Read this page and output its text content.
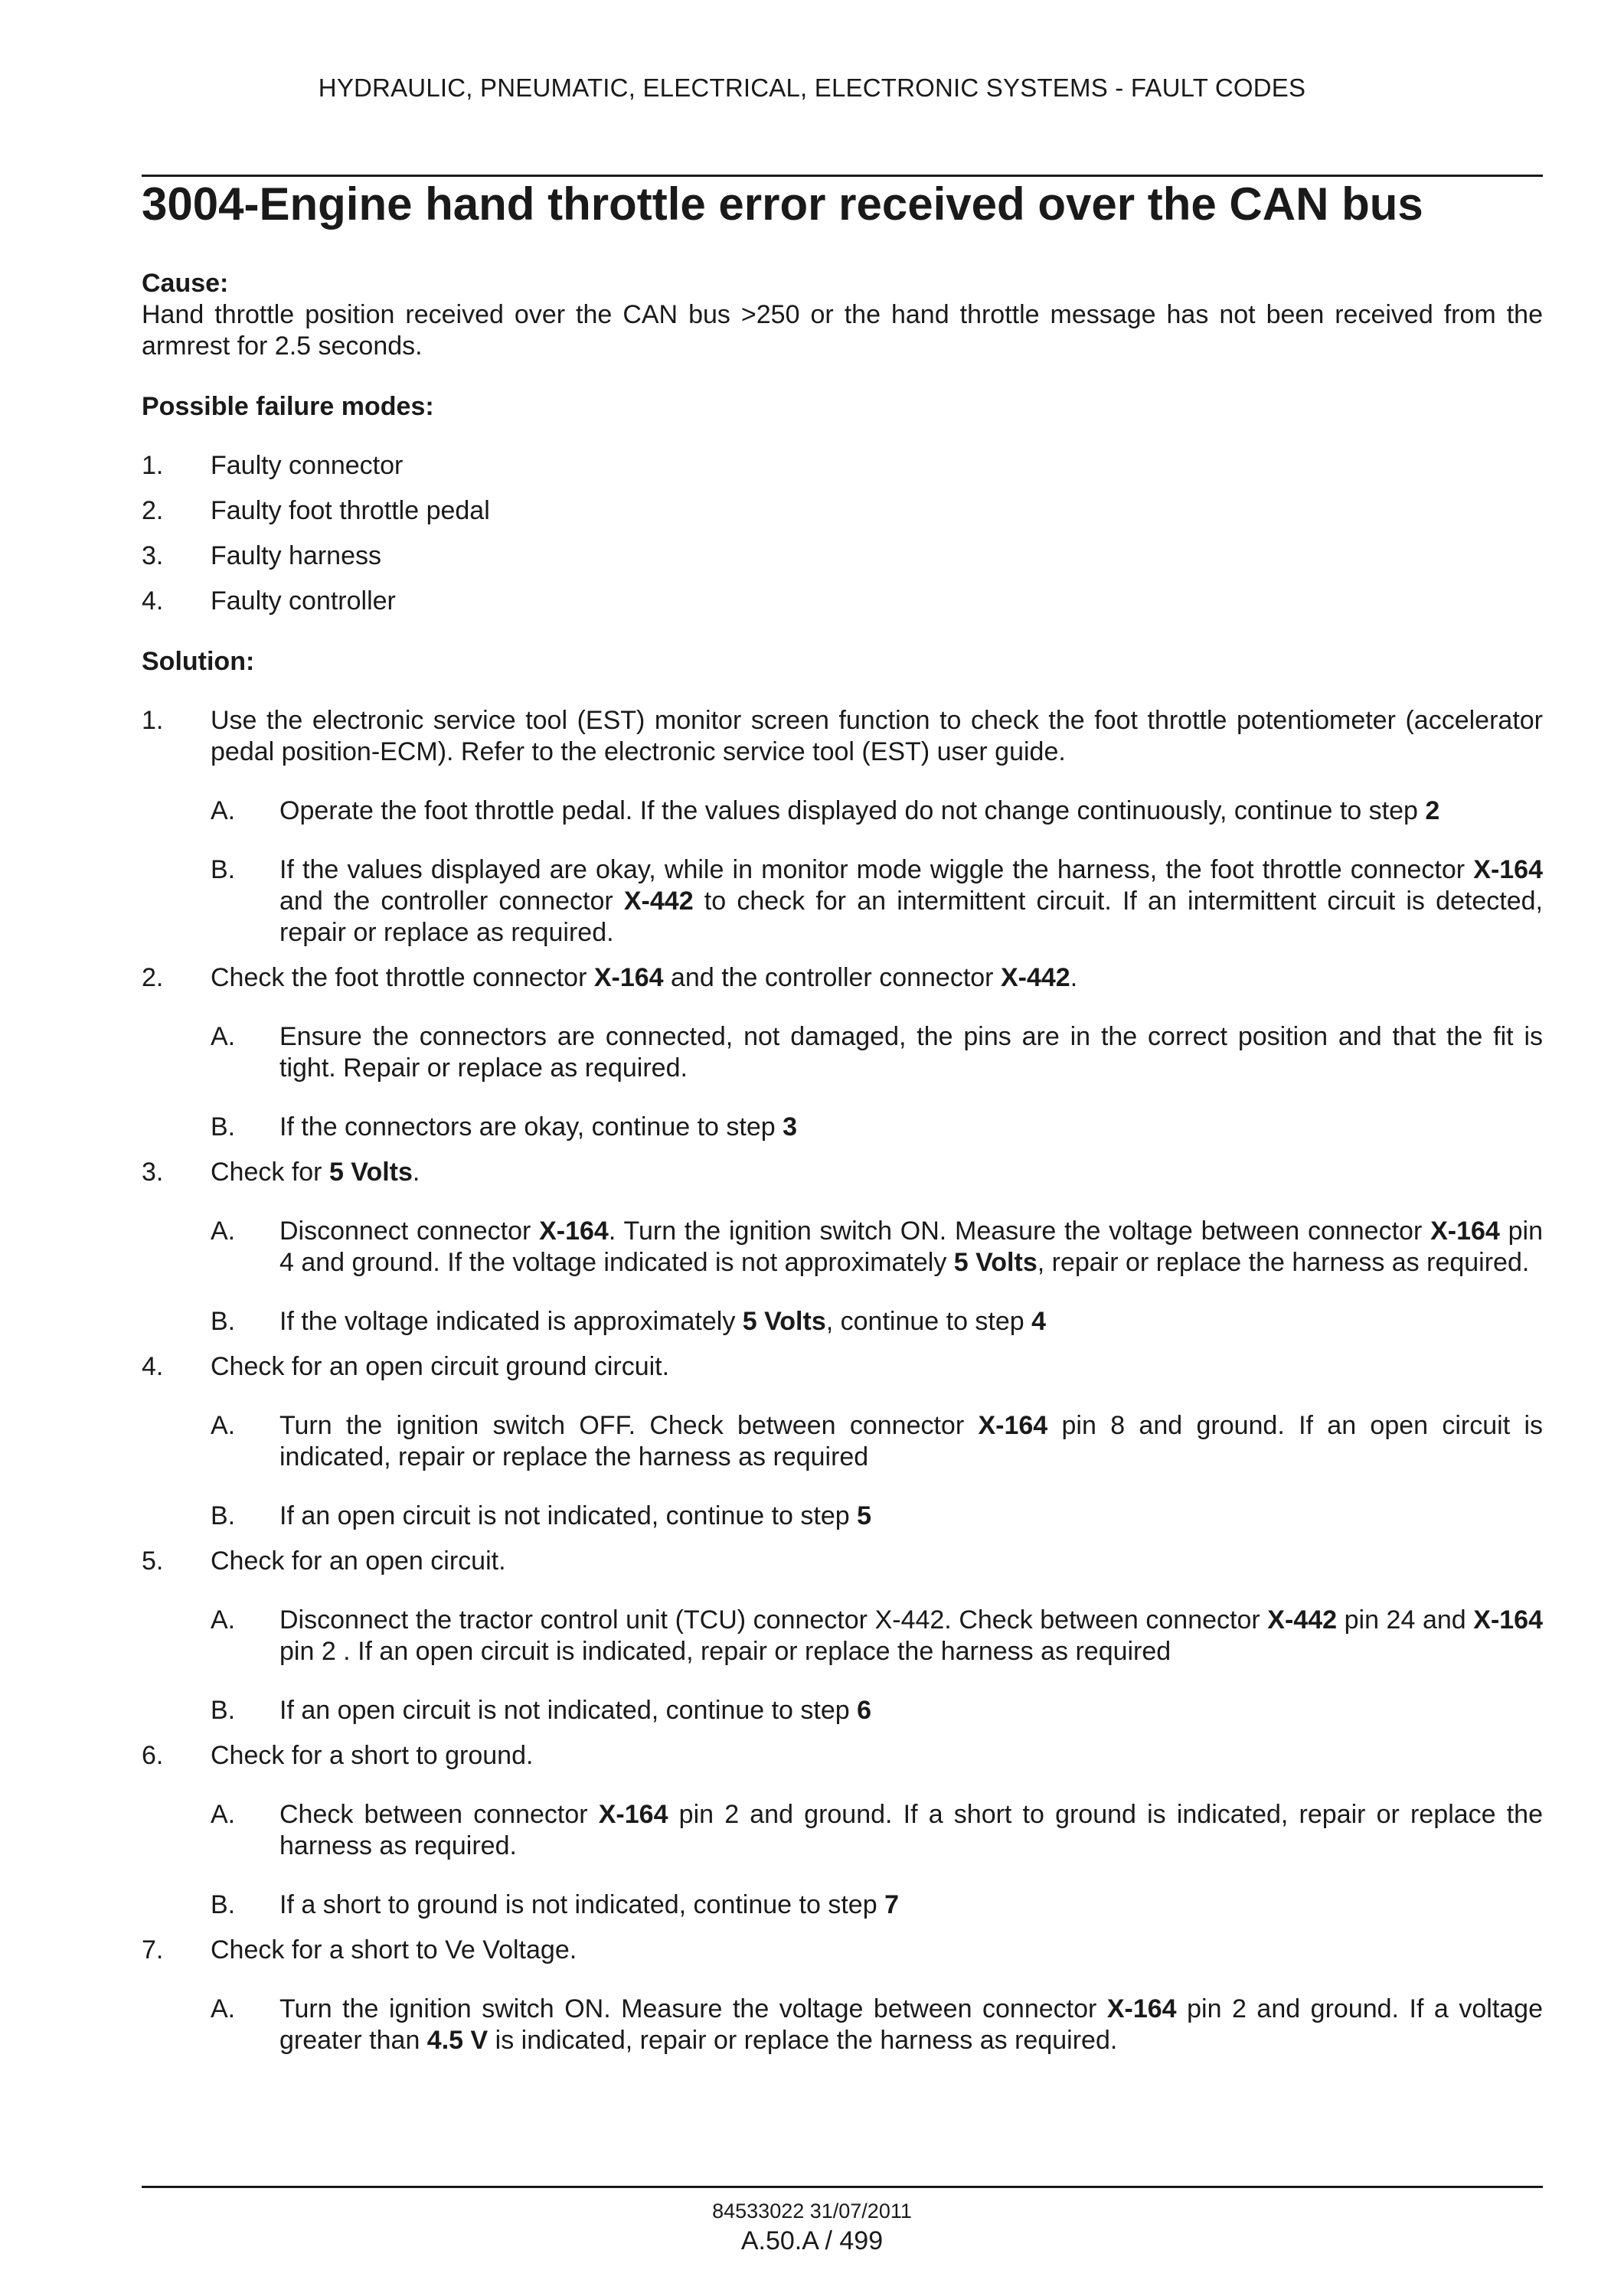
HYDRAULIC, PNEUMATIC, ELECTRICAL, ELECTRONIC SYSTEMS - FAULT CODES
3004-Engine hand throttle error received over the CAN bus

Cause:

Hand throttle position received over the CAN bus >250 or the hand throttle message has not been received from the armrest for 2.5 seconds.

Possible failure modes:

1. Faulty connector
2. Faulty foot throttle pedal
3. Faulty harness
4. Faulty controller

Solution:

1. Use the electronic service tool (EST) monitor screen function to check the foot throttle potentiometer (accelerator pedal position-ECM). Refer to the electronic service tool (EST) user guide.
A. Operate the foot throttle pedal. If the values displayed do not change continuously, continue to step 2
B. If the values displayed are okay, while in monitor mode wiggle the harness, the foot throttle connector X-164 and the controller connector X-442 to check for an intermittent circuit. If an intermittent circuit is detected, repair or replace as required.
2. Check the foot throttle connector X-164 and the controller connector X-442.
A. Ensure the connectors are connected, not damaged, the pins are in the correct position and that the fit is tight. Repair or replace as required.
B. If the connectors are okay, continue to step 3
3. Check for 5 Volts.
A. Disconnect connector X-164. Turn the ignition switch ON. Measure the voltage between connector X-164 pin 4 and ground. If the voltage indicated is not approximately 5 Volts, repair or replace the harness as required.
B. If the voltage indicated is approximately 5 Volts, continue to step 4
4. Check for an open circuit ground circuit.
A. Turn the ignition switch OFF. Check between connector X-164 pin 8 and ground. If an open circuit is indicated, repair or replace the harness as required
B. If an open circuit is not indicated, continue to step 5
5. Check for an open circuit.
A. Disconnect the tractor control unit (TCU) connector X-442. Check between connector X-442 pin 24 and X-164 pin 2 . If an open circuit is indicated, repair or replace the harness as required
B. If an open circuit is not indicated, continue to step 6
6. Check for a short to ground.
A. Check between connector X-164 pin 2 and ground. If a short to ground is indicated, repair or replace the harness as required.
B. If a short to ground is not indicated, continue to step 7
7. Check for a short to Ve Voltage.
A. Turn the ignition switch ON. Measure the voltage between connector X-164 pin 2 and ground. If a voltage greater than 4.5 V is indicated, repair or replace the harness as required.
84533022 31/07/2011
A.50.A / 499
